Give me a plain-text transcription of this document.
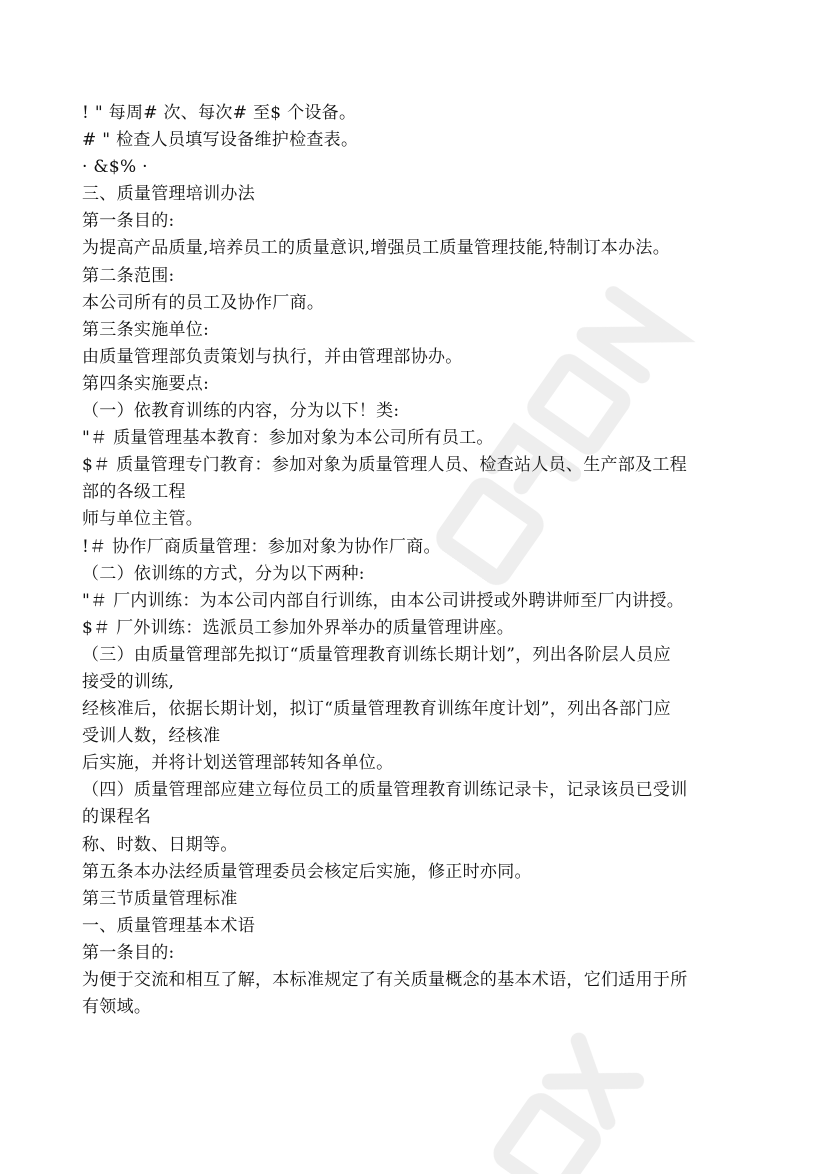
! " 每周# 次、每次# 至$ 个设备。

# " 检查人员填写设备维护检查表。

· &$% ·

三、质量管理培训办法

第一条目的:

为提高产品质量,培养员工的质量意识,增强员工质量管理技能,特制订本办法。

第二条范围:

本公司所有的员工及协作厂商。

第三条实施单位:

由质量管理部负责策划与执行，并由管理部协办。

第四条实施要点:

（一）依教育训练的内容，分为以下！类:

"＃ 质量管理基本教育：参加对象为本公司所有员工。

$＃ 质量管理专门教育：参加对象为质量管理人员、检查站人员、生产部及工程

部的各级工程

师与单位主管。

!＃ 协作厂商质量管理：参加对象为协作厂商。

（二）依训练的方式，分为以下两种:

"＃ 厂内训练：为本公司内部自行训练，由本公司讲授或外聘讲师至厂内讲授。

$＃ 厂外训练：选派员工参加外界举办的质量管理讲座。

（三）由质量管理部先拟订“质量管理教育训练长期计划”，列出各阶层人员应

接受的训练,

经核准后，依据长期计划，拟订“质量管理教育训练年度计划”，列出各部门应

受训人数，经核准

后实施，并将计划送管理部转知各单位。

（四）质量管理部应建立每位员工的质量管理教育训练记录卡，记录该员已受训

的课程名

称、时数、日期等。

第五条本办法经质量管理委员会核定后实施，修正时亦同。

第三节质量管理标准

一、质量管理基本术语

第一条目的:

为便于交流和相互了解，本标准规定了有关质量概念的基本术语，它们适用于所

有领域。
